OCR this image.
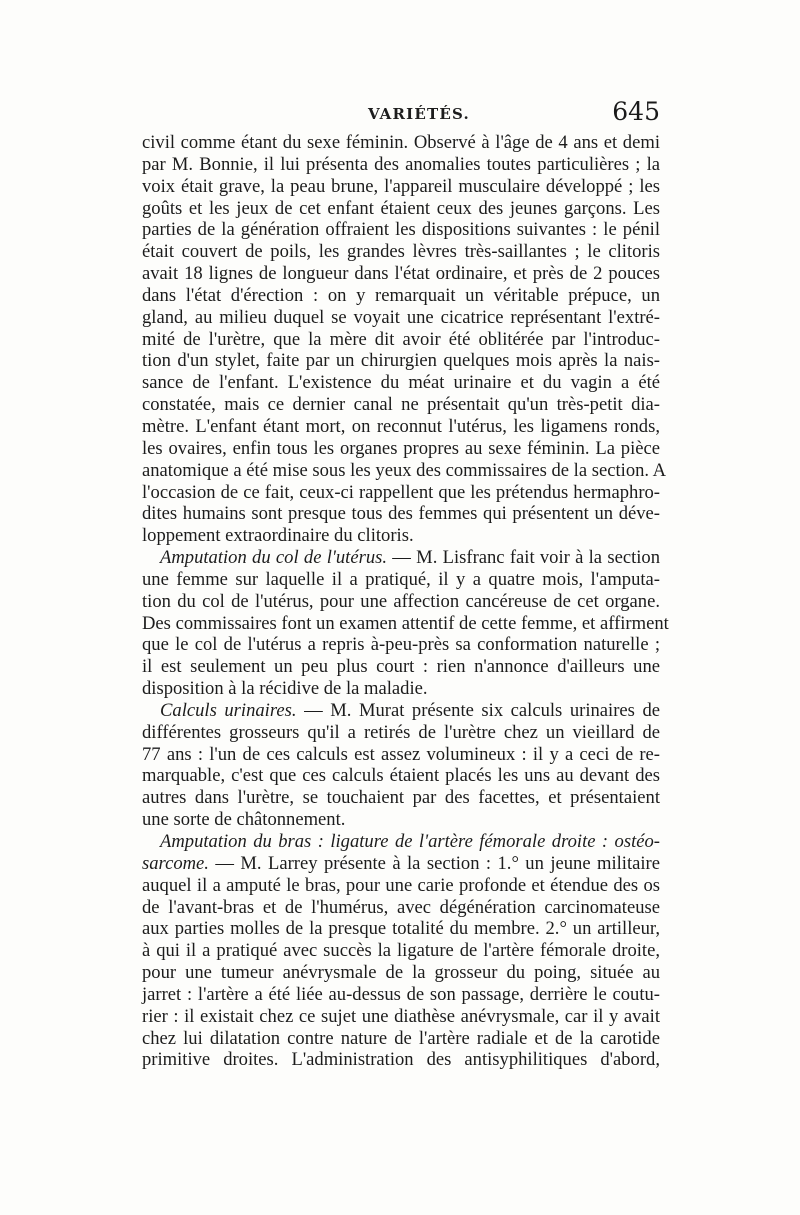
VARIÉTÉS.	645
civil comme étant du sexe féminin. Observé à l'âge de 4 ans et demi
par M. Bonnie, il lui présenta des anomalies toutes particulières ; la
voix était grave, la peau brune, l'appareil musculaire développé ; les
goûts et les jeux de cet enfant étaient ceux des jeunes garçons. Les
parties de la génération offraient les dispositions suivantes : le pénil
était couvert de poils, les grandes lèvres très-saillantes ; le clitoris
avait 18 lignes de longueur dans l'état ordinaire, et près de 2 pouces
dans l'état d'érection : on y remarquait un véritable prépuce, un
gland, au milieu duquel se voyait une cicatrice représentant l'extré-
mité de l'urètre, que la mère dit avoir été oblitérée par l'introduc-
tion d'un stylet, faite par un chirurgien quelques mois après la nais-
sance de l'enfant. L'existence du méat urinaire et du vagin a été
constatée, mais ce dernier canal ne présentait qu'un très-petit dia-
mètre. L'enfant étant mort, on reconnut l'utérus, les ligamens ronds,
les ovaires, enfin tous les organes propres au sexe féminin. La pièce
anatomique a été mise sous les yeux des commissaires de la section. A
l'occasion de ce fait, ceux-ci rappellent que les prétendus hermaphro-
dites humains sont presque tous des femmes qui présentent un déve-
loppement extraordinaire du clitoris.
Amputation du col de l'utérus. — M. Lisfranc fait voir à la section
une femme sur laquelle il a pratiqué, il y a quatre mois, l'amputa-
tion du col de l'utérus, pour une affection cancéreuse de cet organe.
Des commissaires font un examen attentif de cette femme, et affirment
que le col de l'utérus a repris à-peu-près sa conformation naturelle ;
il est seulement un peu plus court : rien n'annonce d'ailleurs une
disposition à la récidive de la maladie.
Calculs urinaires. — M. Murat présente six calculs urinaires de
différentes grosseurs qu'il a retirés de l'urètre chez un vieillard de
77 ans : l'un de ces calculs est assez volumineux : il y a ceci de re-
marquable, c'est que ces calculs étaient placés les uns au devant des
autres dans l'urètre, se touchaient par des facettes, et présentaient
une sorte de châtonnement.
Amputation du bras : ligature de l'artère fémorale droite : ostéo-
sarcome. — M. Larrey présente à la section : 1.° un jeune militaire
auquel il a amputé le bras, pour une carie profonde et étendue des os
de l'avant-bras et de l'humérus, avec dégénération carcinomateuse
aux parties molles de la presque totalité du membre. 2.° un artilleur,
à qui il a pratiqué avec succès la ligature de l'artère fémorale droite,
pour une tumeur anévrysmale de la grosseur du poing, située au
jarret : l'artère a été liée au-dessus de son passage, derrière le coutu-
rier : il existait chez ce sujet une diathèse anévrysmale, car il y avait
chez lui dilatation contre nature de l'artère radiale et de la carotide
primitive droites. L'administration des antisyphilitiques d'abord,
